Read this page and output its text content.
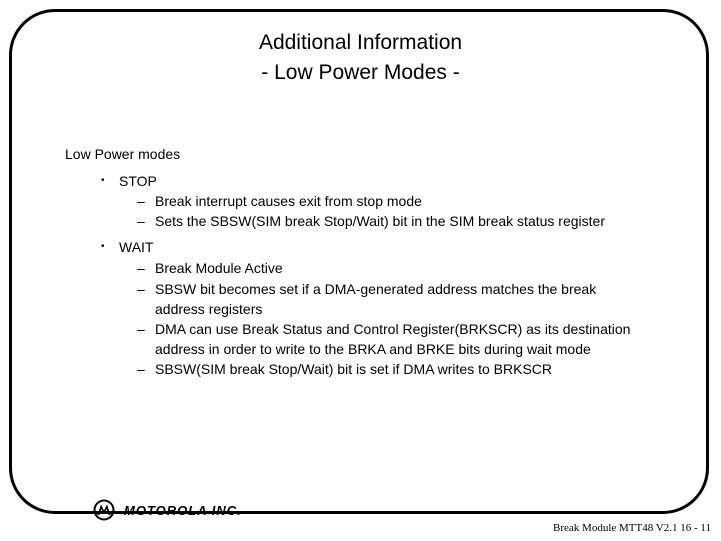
Additional Information
- Low Power Modes -
Low Power modes
• STOP
– Break interrupt causes exit from stop mode
– Sets the SBSW(SIM break Stop/Wait) bit in the SIM break status register
• WAIT
– Break Module Active
– SBSW bit becomes set if a DMA-generated address matches the break
address registers
– DMA can use Break Status and Control Register(BRKSCR) as its destination
address in order to write to the BRKA and BRKE bits during wait mode
– SBSW(SIM break Stop/Wait) bit is set if DMA writes to BRKSCR
MOTOROLA INC.
Break Module MTT48 V2.1 16 - 11
